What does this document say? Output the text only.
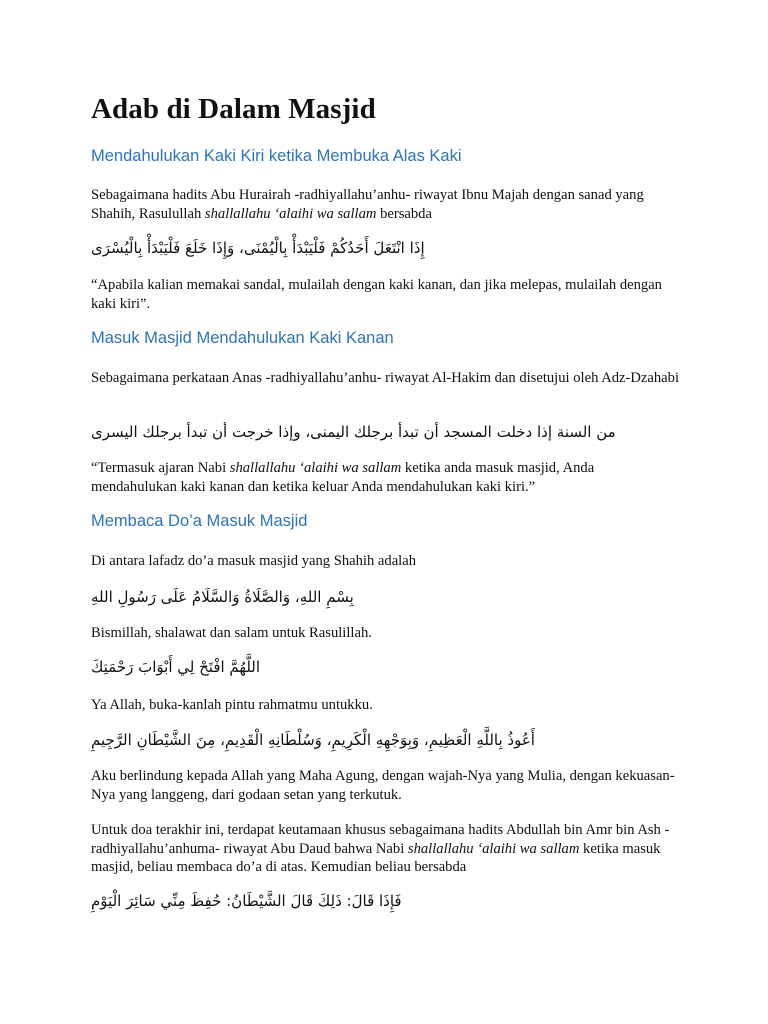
Adab di Dalam Masjid
Mendahulukan Kaki Kiri ketika Membuka Alas Kaki

Sebagaimana hadits Abu Hurairah -radhiyallahu’anhu- riwayat Ibnu Majah dengan sanad yang Shahih, Rasulullah shallallahu ‘alaihi wa sallam bersabda

إِذَا انْتَعَلَ أَحَدُكُمْ فَلْيَبْدَأْ بِالْيُمْنَى، وَإِذَا خَلَعَ فَلْيَبْدَأْ بِالْيُسْرَى

“Apabila kalian memakai sandal, mulailah dengan kaki kanan, dan jika melepas, mulailah dengan kaki kiri”.

Masuk Masjid Mendahulukan Kaki Kanan

Sebagaimana perkataan Anas -radhiyallahu’anhu- riwayat Al-Hakim dan disetujui oleh Adz-Dzahabi

من السنة إذا دخلت المسجد أن تبدأ برجلك اليمنى، وإذا خرجت أن تبدأ برجلك اليسرى

“Termasuk ajaran Nabi shallallahu ‘alaihi wa sallam ketika anda masuk masjid, Anda mendahulukan kaki kanan dan ketika keluar Anda mendahulukan kaki kiri.”

Membaca Do’a Masuk Masjid

Di antara lafadz do’a masuk masjid yang Shahih adalah

بِسْمِ اللهِ، وَالصَّلَاةُ وَالسَّلَامُ عَلَى رَسُولِ اللهِ

Bismillah, shalawat dan salam untuk Rasulillah.

اللَّهُمَّ افْتَحْ لِي أَبْوَابَ رَحْمَتِكَ

Ya Allah, buka-kanlah pintu rahmatmu untukku.

أَعُوذُ بِاللَّهِ الْعَظِيمِ، وَبِوَجْهِهِ الْكَرِيمِ، وَسُلْطَانِهِ الْقَدِيمِ، مِنَ الشَّيْطَانِ الرَّجِيمِ

Aku berlindung kepada Allah yang Maha Agung, dengan wajah-Nya yang Mulia, dengan kekuasan-Nya yang langgeng, dari godaan setan yang terkutuk.

Untuk doa terakhir ini, terdapat keutamaan khusus sebagaimana hadits Abdullah bin Amr bin Ash -radhiyallahu’anhuma- riwayat Abu Daud bahwa Nabi shallallahu ‘alaihi wa sallam ketika masuk masjid, beliau membaca do’a di atas. Kemudian beliau bersabda

فَإِذَا قَالَ: ذَلِكَ قَالَ الشَّيْطَانُ: حُفِظَ مِنِّي سَائِرَ الْيَوْمِ
